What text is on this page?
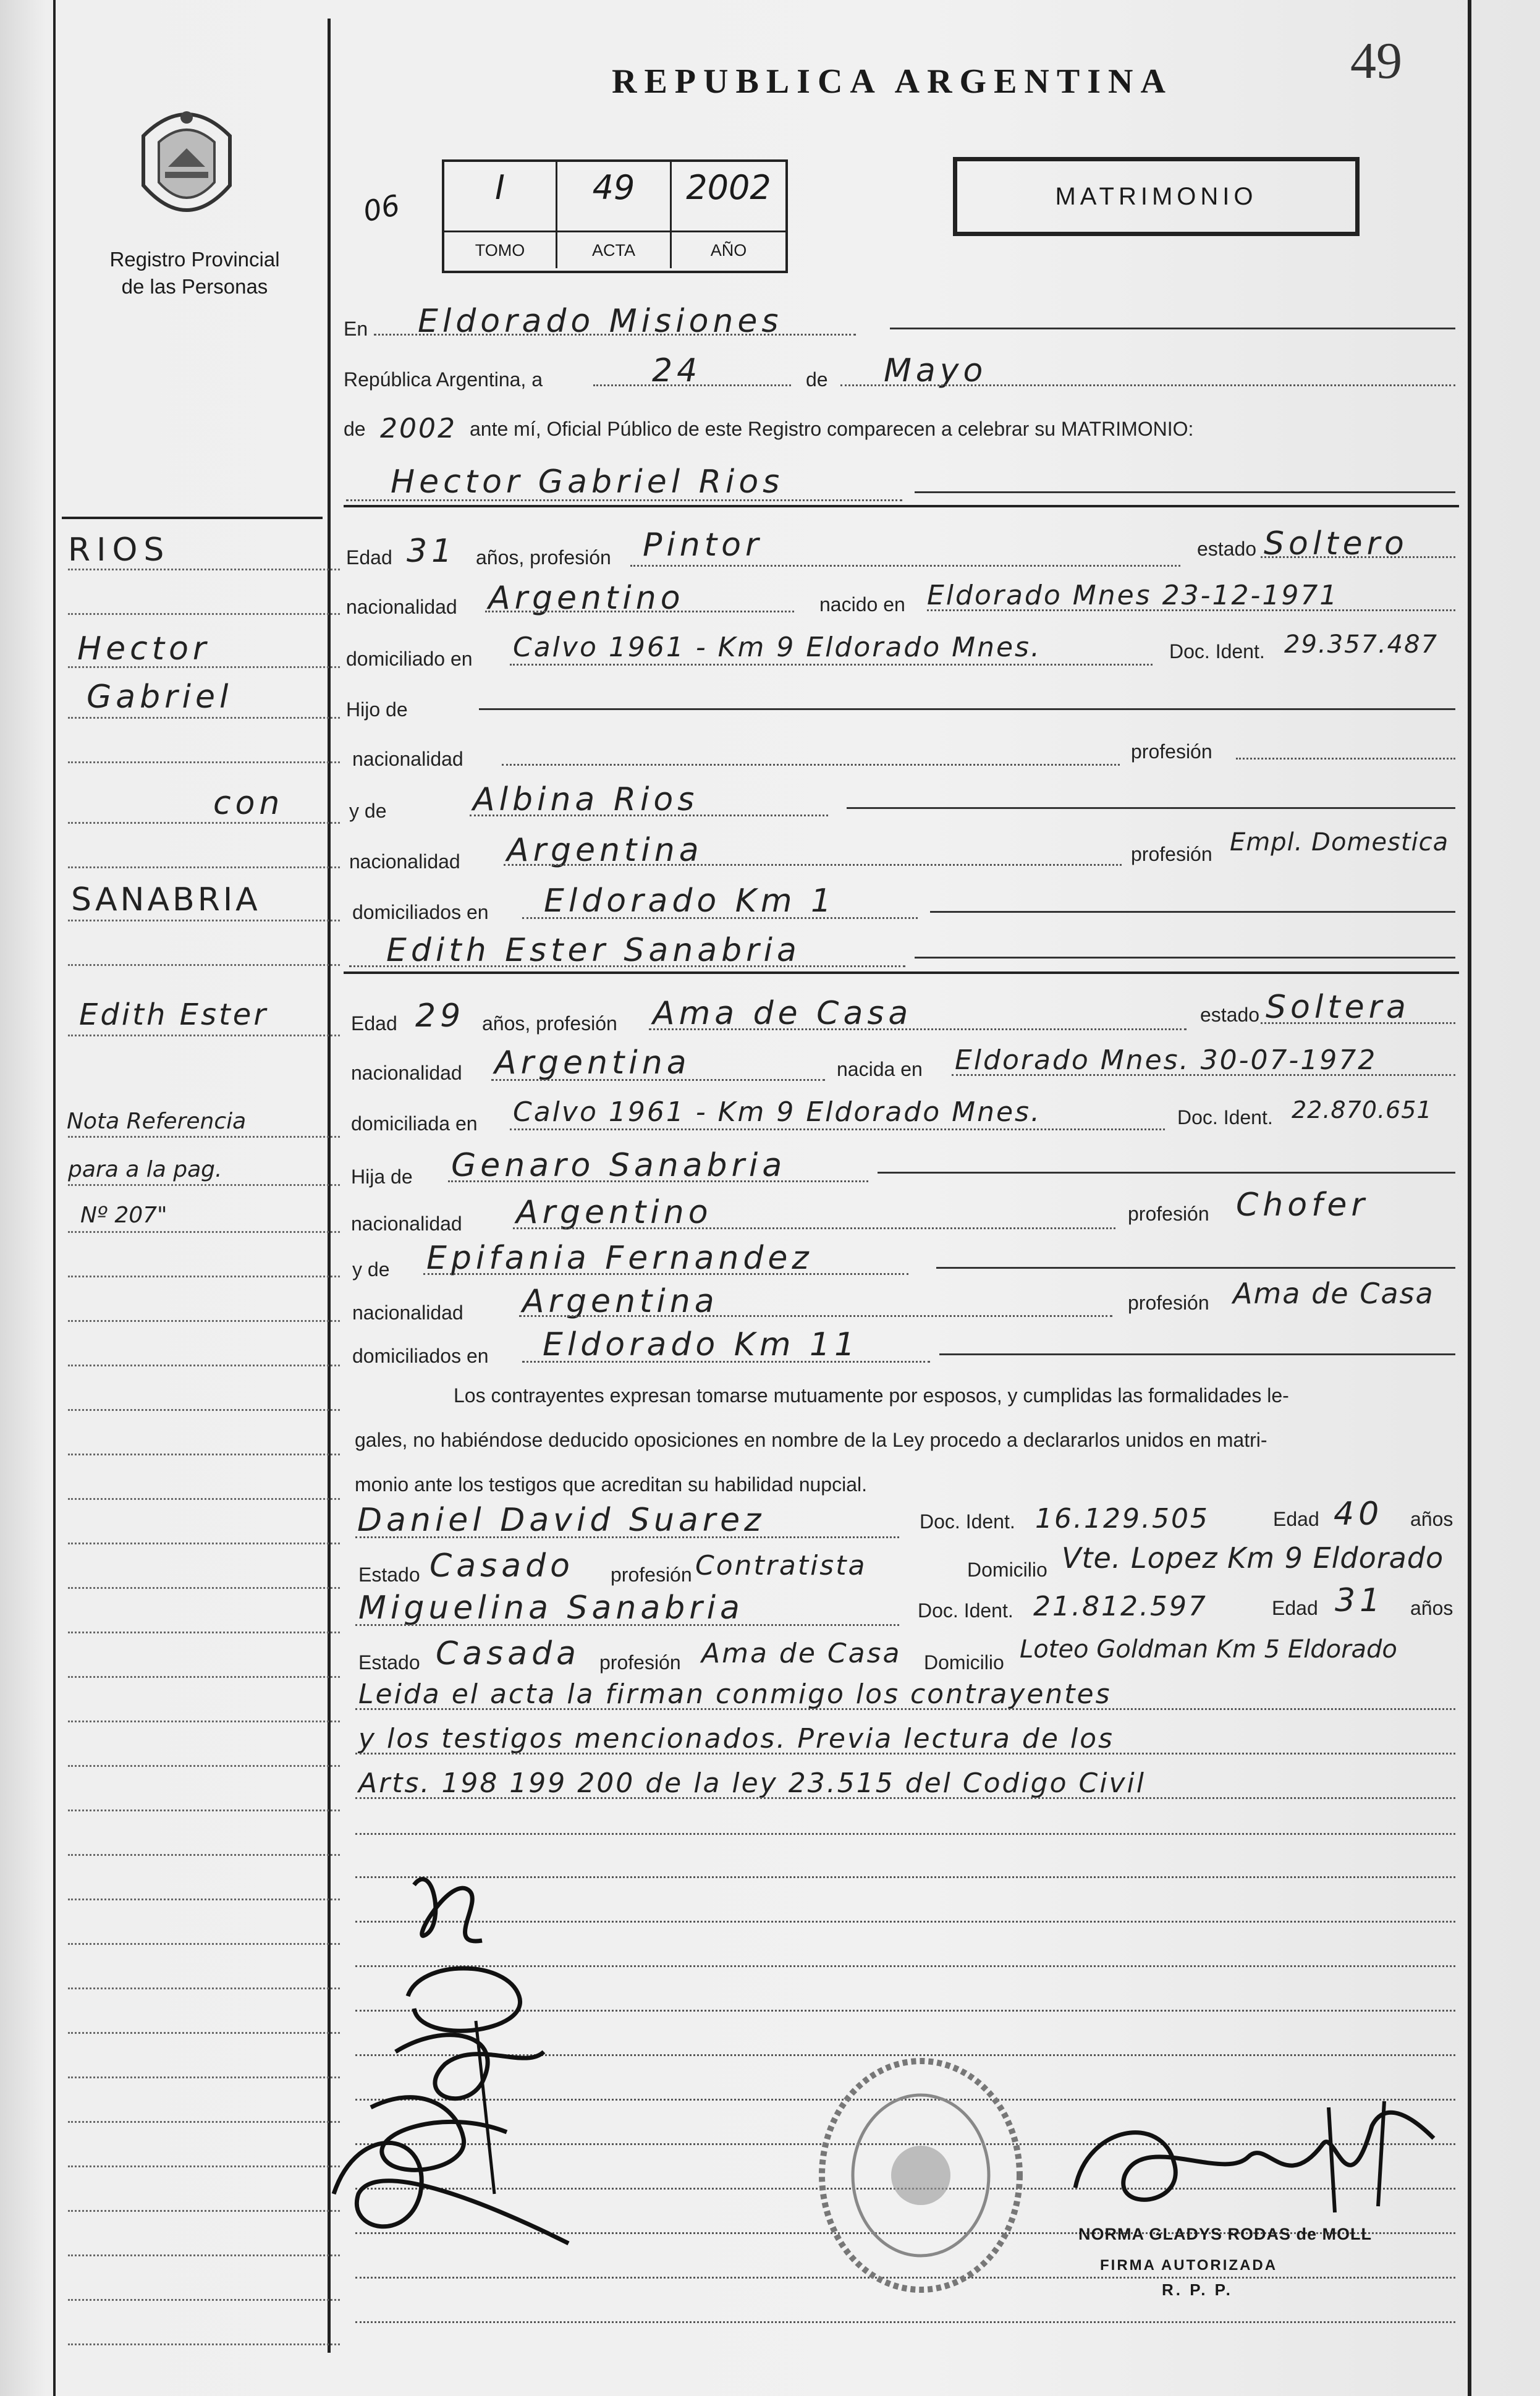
49
Registro Provincial
de las Personas
REPUBLICA ARGENTINA
06
I
TOMO
49
ACTA
2002
AÑO
MATRIMONIO
En Eldorado Misiones
República Argentina, a	24	de Mayo
de 2002 ante mí, Oficial Público de este Registro comparecen a celebrar su MATRIMONIO:
Hector Gabriel Rios
Edad 31 años, profesión Pintor	estado Soltero
nacionalidad Argentino	nacido en Eldorado Mnes 23-12-1971
domiciliado en Calvo 1961 - Km 9 Eldorado Mnes.	Doc. Ident. 29.357.487
Hijo de
nacionalidad	profesión
y de	Albina Rios
nacionalidad Argentina	profesión Empl. Domestica
domiciliados en Eldorado Km 1
Edith Ester Sanabria
Edad 29 años, profesión Ama de Casa	estado Soltera
nacionalidad Argentina	nacida en Eldorado Mnes. 30-07-1972
domiciliada en Calvo 1961 - Km 9 Eldorado Mnes.	Doc. Ident. 22.870.651
Hija de Genaro Sanabria
nacionalidad Argentino	profesión Chofer
y de Epifania Fernandez
nacionalidad Argentina	profesión Ama de Casa
domiciliados en Eldorado Km 11
Los contrayentes expresan tomarse mutuamente por esposos, y cumplidas las formalidades le-
gales, no habiéndose deducido oposiciones en nombre de la Ley procedo a declararlos unidos en matri-
monio ante los testigos que acreditan su habilidad nupcial.
Daniel David Suarez	Doc. Ident. 16.129.505	Edad 40 años
Estado Casado profesión Contratista	Domicilio Vte. Lopez Km 9 Eldorado
Miguelina Sanabria	Doc. Ident. 21.812.597	Edad 31 años
Estado Casada profesión Ama de Casa Domicilio Loteo Goldman Km 5 Eldorado
Leida el acta la firman conmigo los contrayentes
y los testigos mencionados. Previa lectura de los
Arts. 198 199 200 de la ley 23.515 del Codigo Civil
NORMA GLADYS RODAS de MOLL
FIRMA AUTORIZADA
R. P. P.
RIOS
Hector
Gabriel
con
SANABRIA
Edith Ester
Nota Referencia
para a la pag.
Nº 207"
